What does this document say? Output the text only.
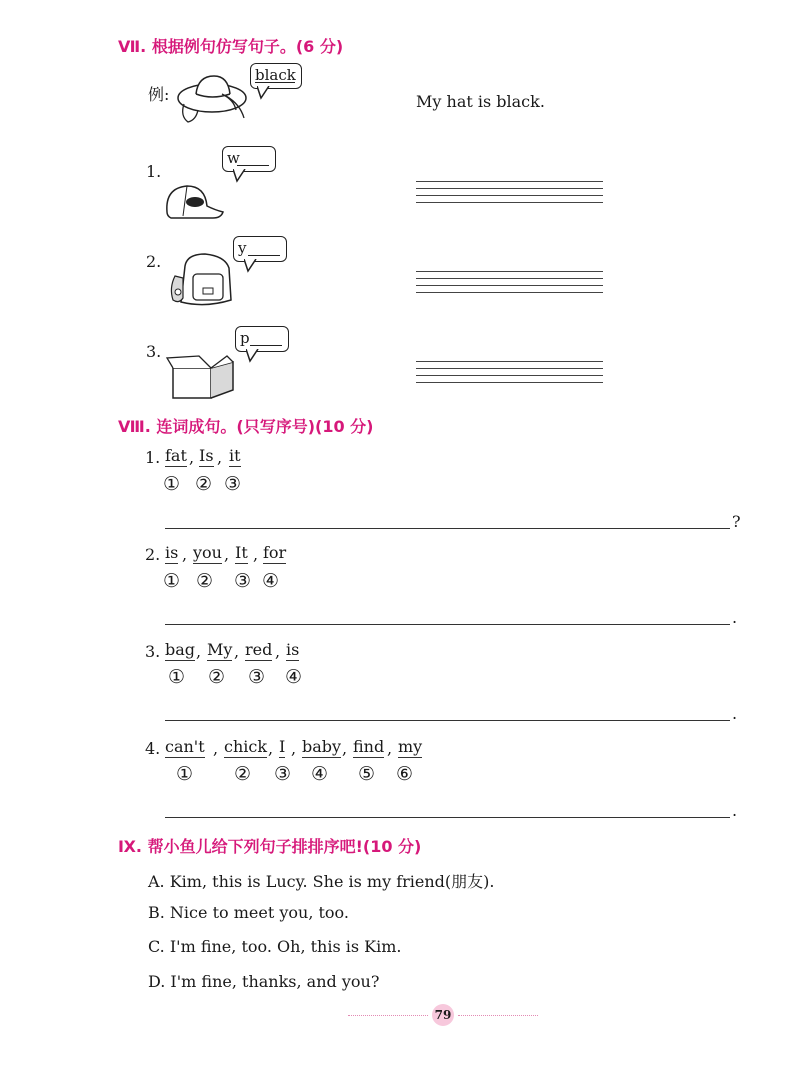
Ⅶ. 根据例句仿写句子。(6 分)
例:
black
My hat is black.
1.
w
2.
y
3.
p
Ⅷ. 连词成句。(只写序号)(10 分)
1. fat , Is , it
① ② ③
?
2. is , you , It , for
① ② ③ ④
.
3. bag , My , red , is
① ② ③ ④
.
4. can't , chick , I , baby , find , my
① ② ③ ④ ⑤ ⑥
.
Ⅸ. 帮小鱼儿给下列句子排排序吧!(10 分)
A. Kim, this is Lucy. She is my friend(朋友).
B. Nice to meet you, too.
C. I'm fine, too. Oh, this is Kim.
D. I'm fine, thanks, and you?
79
